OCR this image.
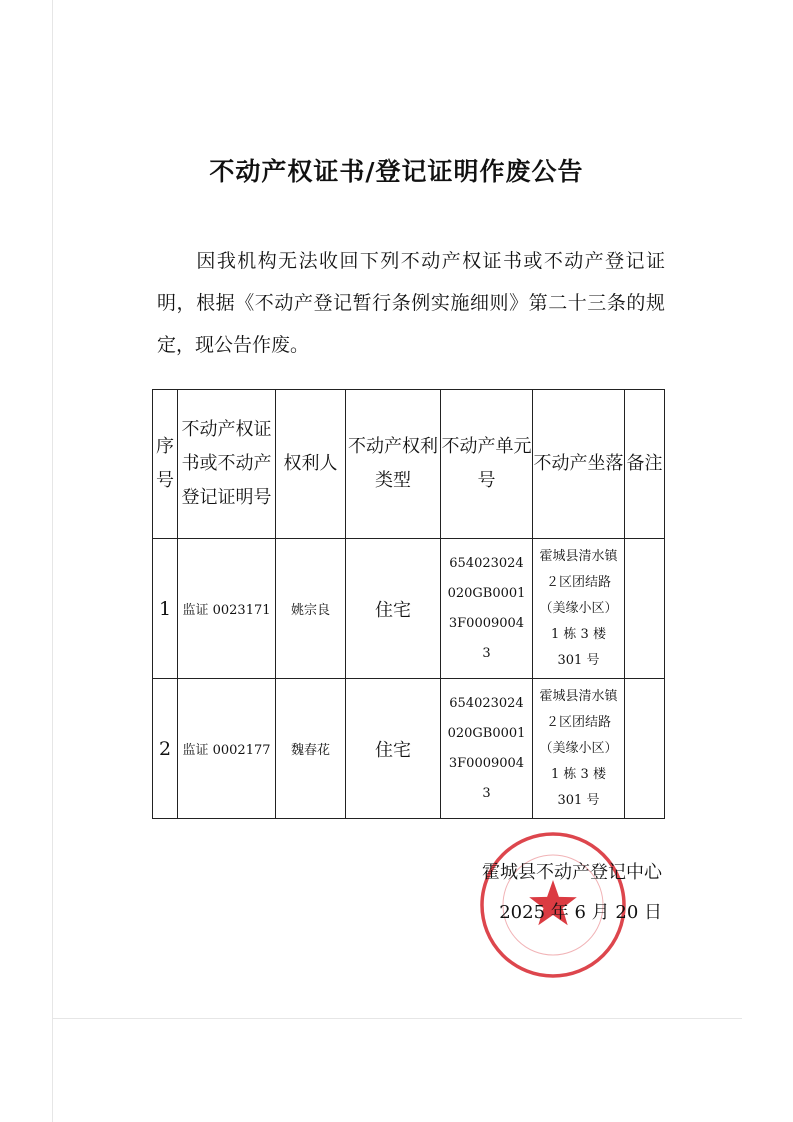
不动产权证书/登记证明作废公告

因我机构无法收回下列不动产权证书或不动产登记证明，根据《不动产登记暂行条例实施细则》第二十三条的规定，现公告作废。

序号	不动产权证书或不动产登记证明号	权利人	不动产权利类型	不动产单元号	不动产坐落	备注
1	监证 0023171	姚宗良	住宅	654023024020GB00013F00090043	霍城县清水镇２区团结路（美缘小区）1 栋 3 楼 301 号	
2	监证 0002177	魏春花	住宅	654023024020GB00013F00090043	霍城县清水镇２区团结路（美缘小区）1 栋 3 楼 301 号	

霍城县不动产登记中心

2025 年 6 月 20 日
